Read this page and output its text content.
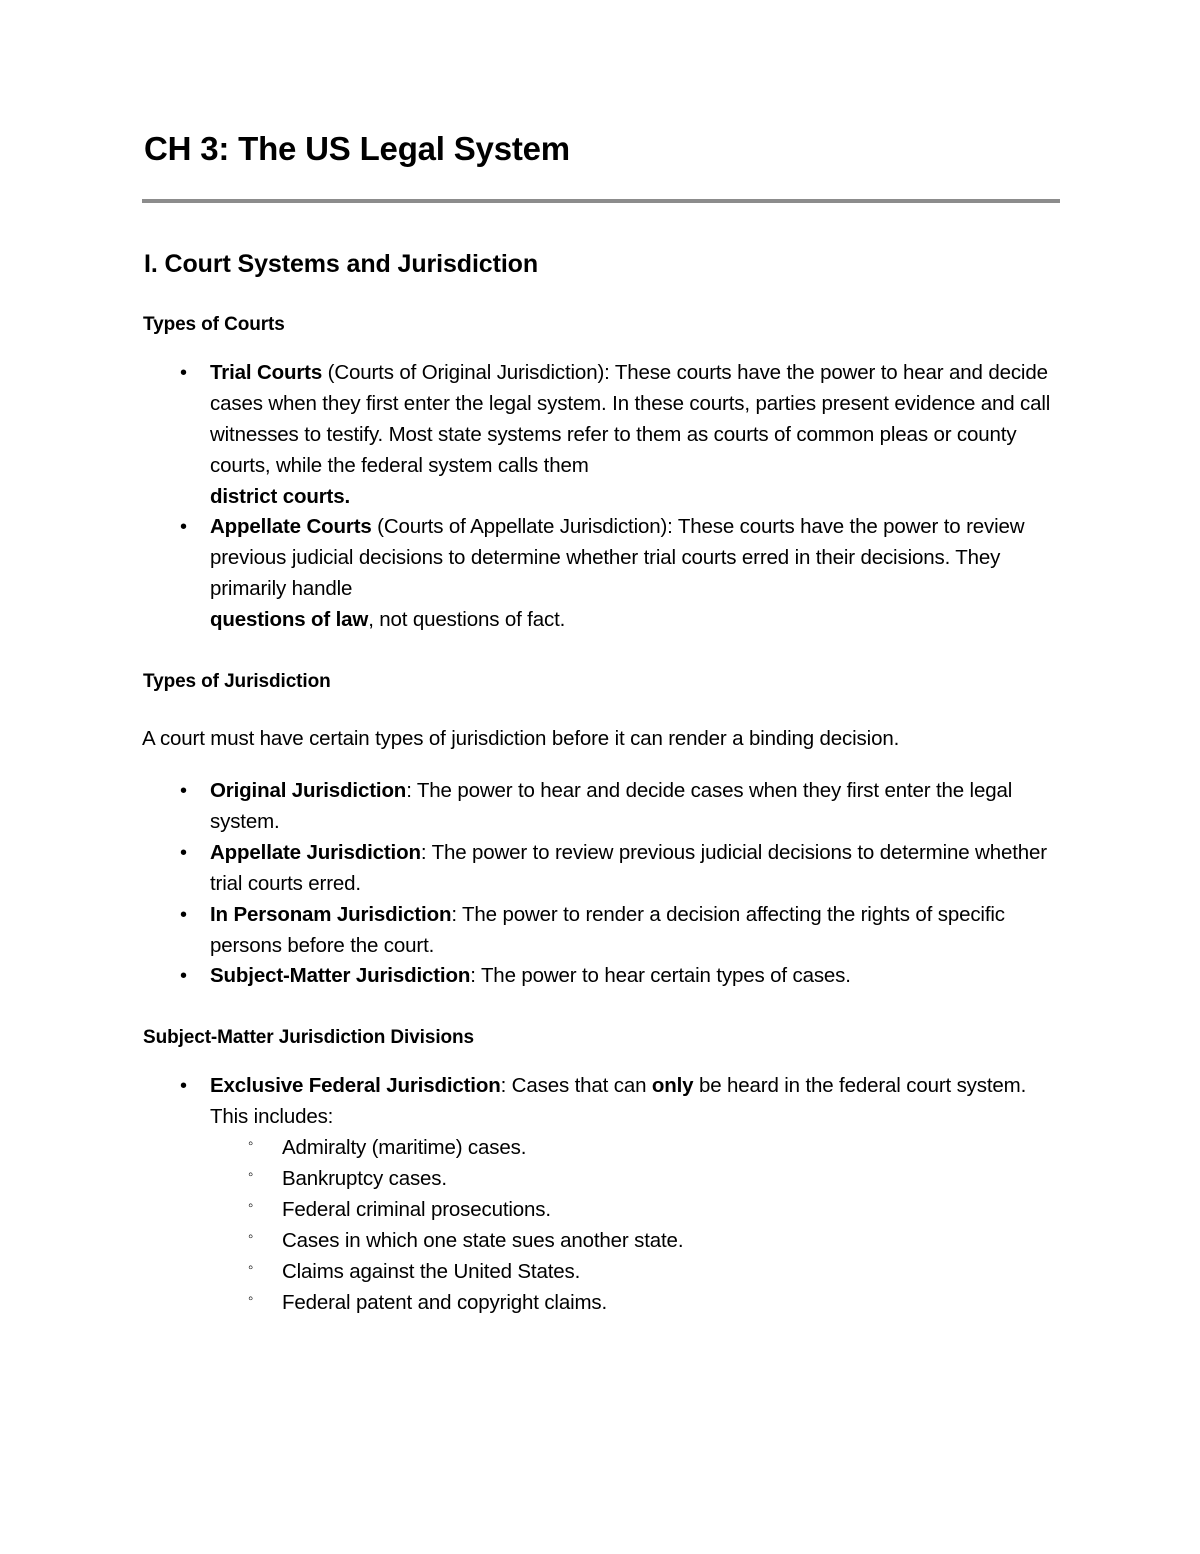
CH 3: The US Legal System
I. Court Systems and Jurisdiction
Types of Courts
• Trial Courts (Courts of Original Jurisdiction): These courts have the power to hear and decide cases when they first enter the legal system. In these courts, parties present evidence and call witnesses to testify. Most state systems refer to them as courts of common pleas or county courts, while the federal system calls them
district courts.
• Appellate Courts (Courts of Appellate Jurisdiction): These courts have the power to review previous judicial decisions to determine whether trial courts erred in their decisions. They primarily handle
questions of law, not questions of fact.
Types of Jurisdiction

A court must have certain types of jurisdiction before it can render a binding decision.

• Original Jurisdiction: The power to hear and decide cases when they first enter the legal system.
• Appellate Jurisdiction: The power to review previous judicial decisions to determine whether trial courts erred.
• In Personam Jurisdiction: The power to render a decision affecting the rights of specific persons before the court.
• Subject-Matter Jurisdiction: The power to hear certain types of cases.
Subject-Matter Jurisdiction Divisions
• Exclusive Federal Jurisdiction: Cases that can only be heard in the federal court system. This includes:
◦ Admiralty (maritime) cases.
◦ Bankruptcy cases.
◦ Federal criminal prosecutions.
◦ Cases in which one state sues another state.
◦ Claims against the United States.
◦ Federal patent and copyright claims.
